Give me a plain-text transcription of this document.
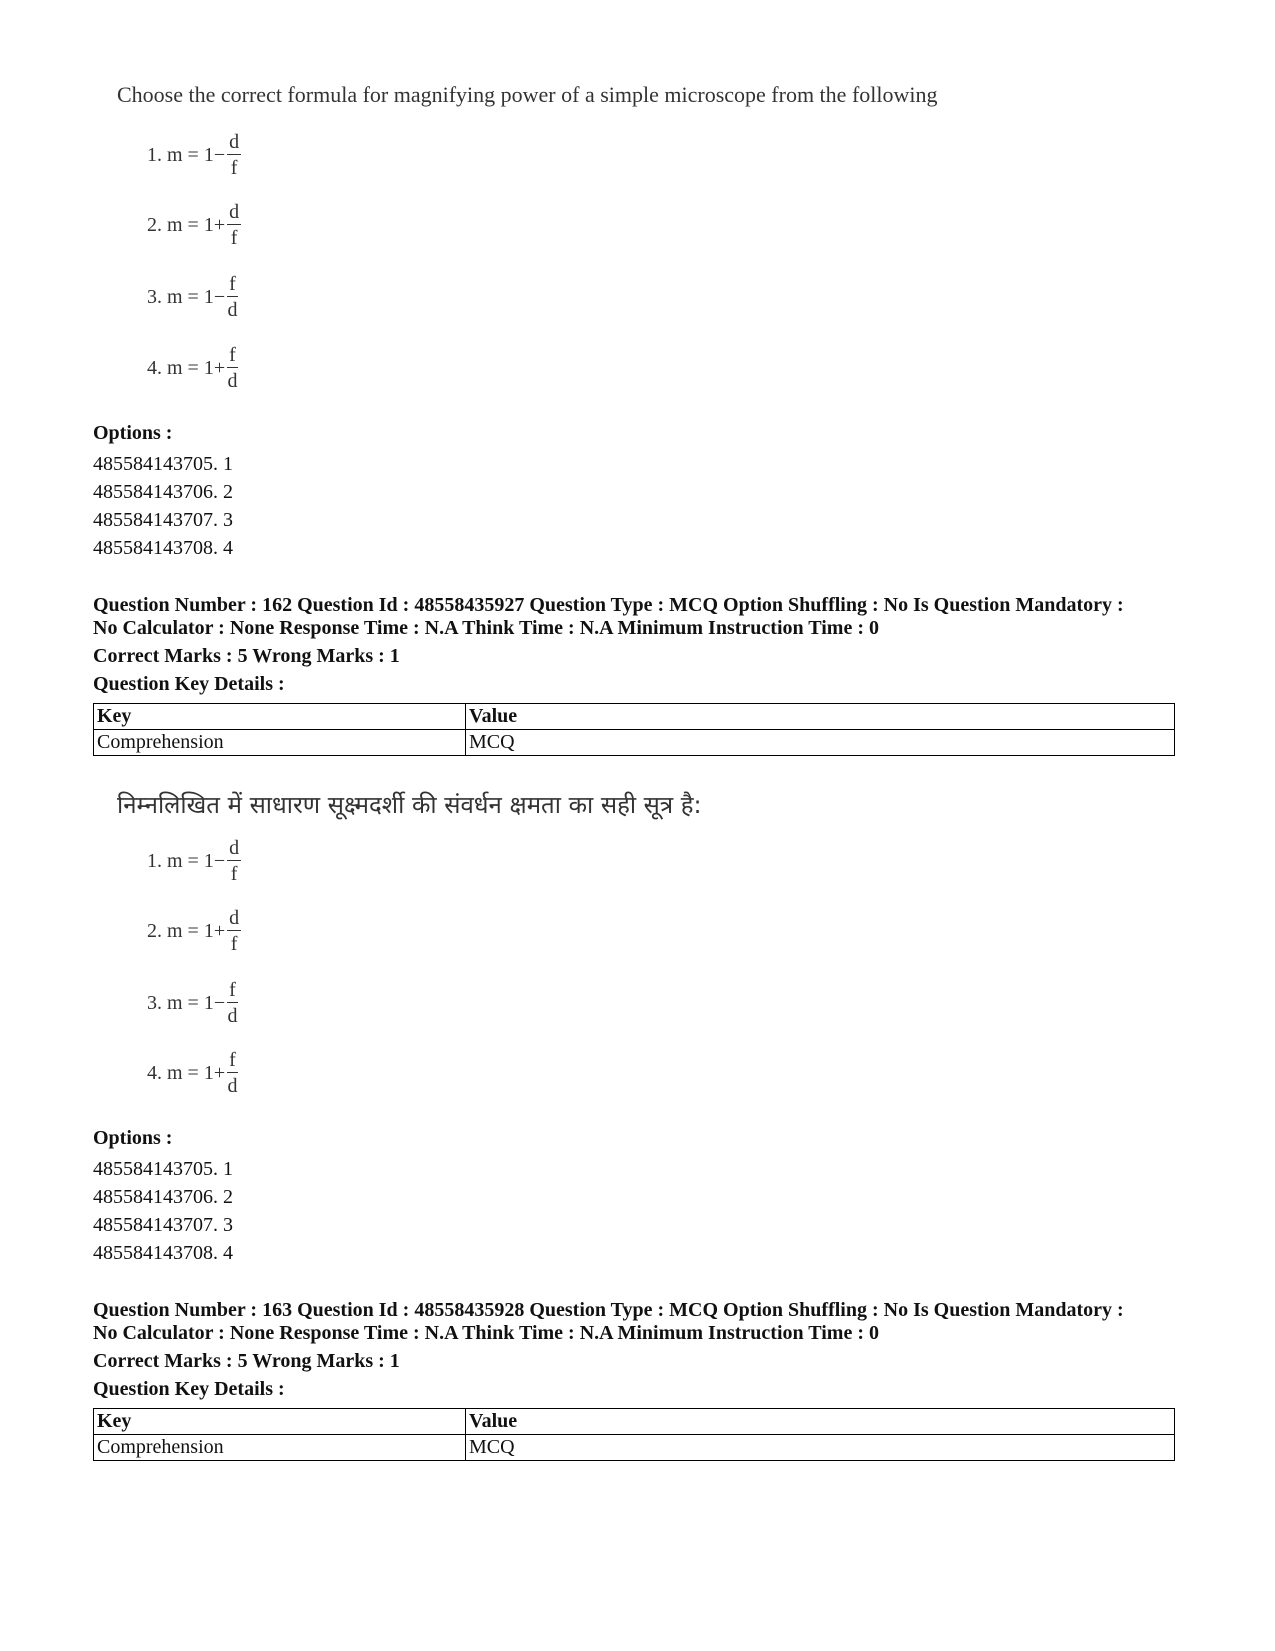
Choose the correct formula for magnifying power of a simple microscope from the following
1. $m = 1 - \frac{d}{f}$
2. $m = 1 + \frac{d}{f}$
3. $m = 1 - \frac{f}{d}$
4. $m = 1 + \frac{f}{d}$
Options :
485584143705. 1
485584143706. 2
485584143707. 3
485584143708. 4
Question Number : 162 Question Id : 48558435927 Question Type : MCQ Option Shuffling : No Is Question Mandatory :
No Calculator : None Response Time : N.A Think Time : N.A Minimum Instruction Time : 0
Correct Marks : 5 Wrong Marks : 1
Question Key Details :
Key	Value
Comprehension	MCQ
निम्नलिखित में साधारण सूक्ष्मदर्शी की संवर्धन क्षमता का सही सूत्र है:
1. $m = 1 - \frac{d}{f}$
2. $m = 1 + \frac{d}{f}$
3. $m = 1 - \frac{f}{d}$
4. $m = 1 + \frac{f}{d}$
Options :
485584143705. 1
485584143706. 2
485584143707. 3
485584143708. 4
Question Number : 163 Question Id : 48558435928 Question Type : MCQ Option Shuffling : No Is Question Mandatory :
No Calculator : None Response Time : N.A Think Time : N.A Minimum Instruction Time : 0
Correct Marks : 5 Wrong Marks : 1
Question Key Details :
Key	Value
Comprehension	MCQ
